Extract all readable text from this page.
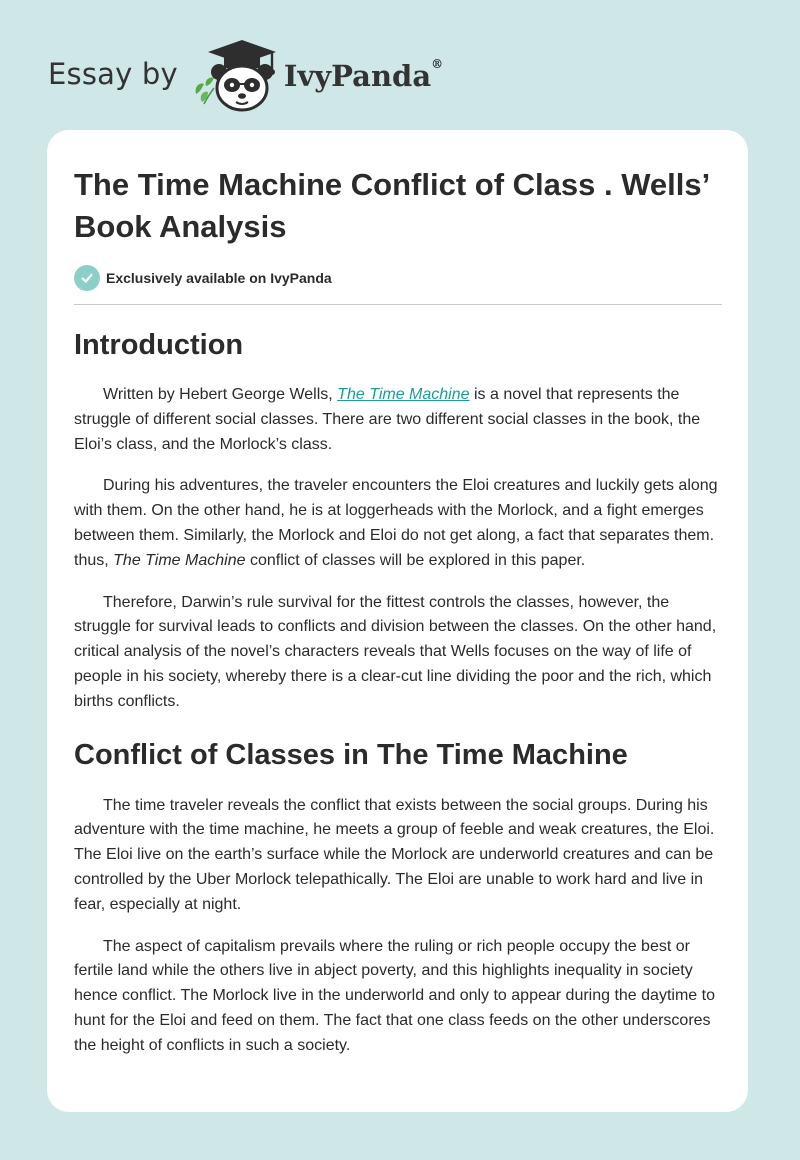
Essay by	IvyPanda®
The Time Machine Conflict of Class . Wells’ Book Analysis
Exclusively available on IvyPanda
Introduction

Written by Hebert George Wells, The Time Machine is a novel that represents the struggle of different social classes. There are two different social classes in the book, the Eloi’s class, and the Morlock’s class.

During his adventures, the traveler encounters the Eloi creatures and luckily gets along with them. On the other hand, he is at loggerheads with the Morlock, and a fight emerges between them. Similarly, the Morlock and Eloi do not get along, a fact that separates them. thus, The Time Machine conflict of classes will be explored in this paper.

Therefore, Darwin’s rule survival for the fittest controls the classes, however, the struggle for survival leads to conflicts and division between the classes. On the other hand, critical analysis of the novel’s characters reveals that Wells focuses on the way of life of people in his society, whereby there is a clear-cut line dividing the poor and the rich, which births conflicts.

Conflict of Classes in The Time Machine

The time traveler reveals the conflict that exists between the social groups. During his adventure with the time machine, he meets a group of feeble and weak creatures, the Eloi. The Eloi live on the earth’s surface while the Morlock are underworld creatures and can be controlled by the Uber Morlock telepathically. The Eloi are unable to work hard and live in fear, especially at night.

The aspect of capitalism prevails where the ruling or rich people occupy the best or fertile land while the others live in abject poverty, and this highlights inequality in society hence conflict. The Morlock live in the underworld and only to appear during the daytime to hunt for the Eloi and feed on them. The fact that one class feeds on the other underscores the height of conflicts in such a society.
